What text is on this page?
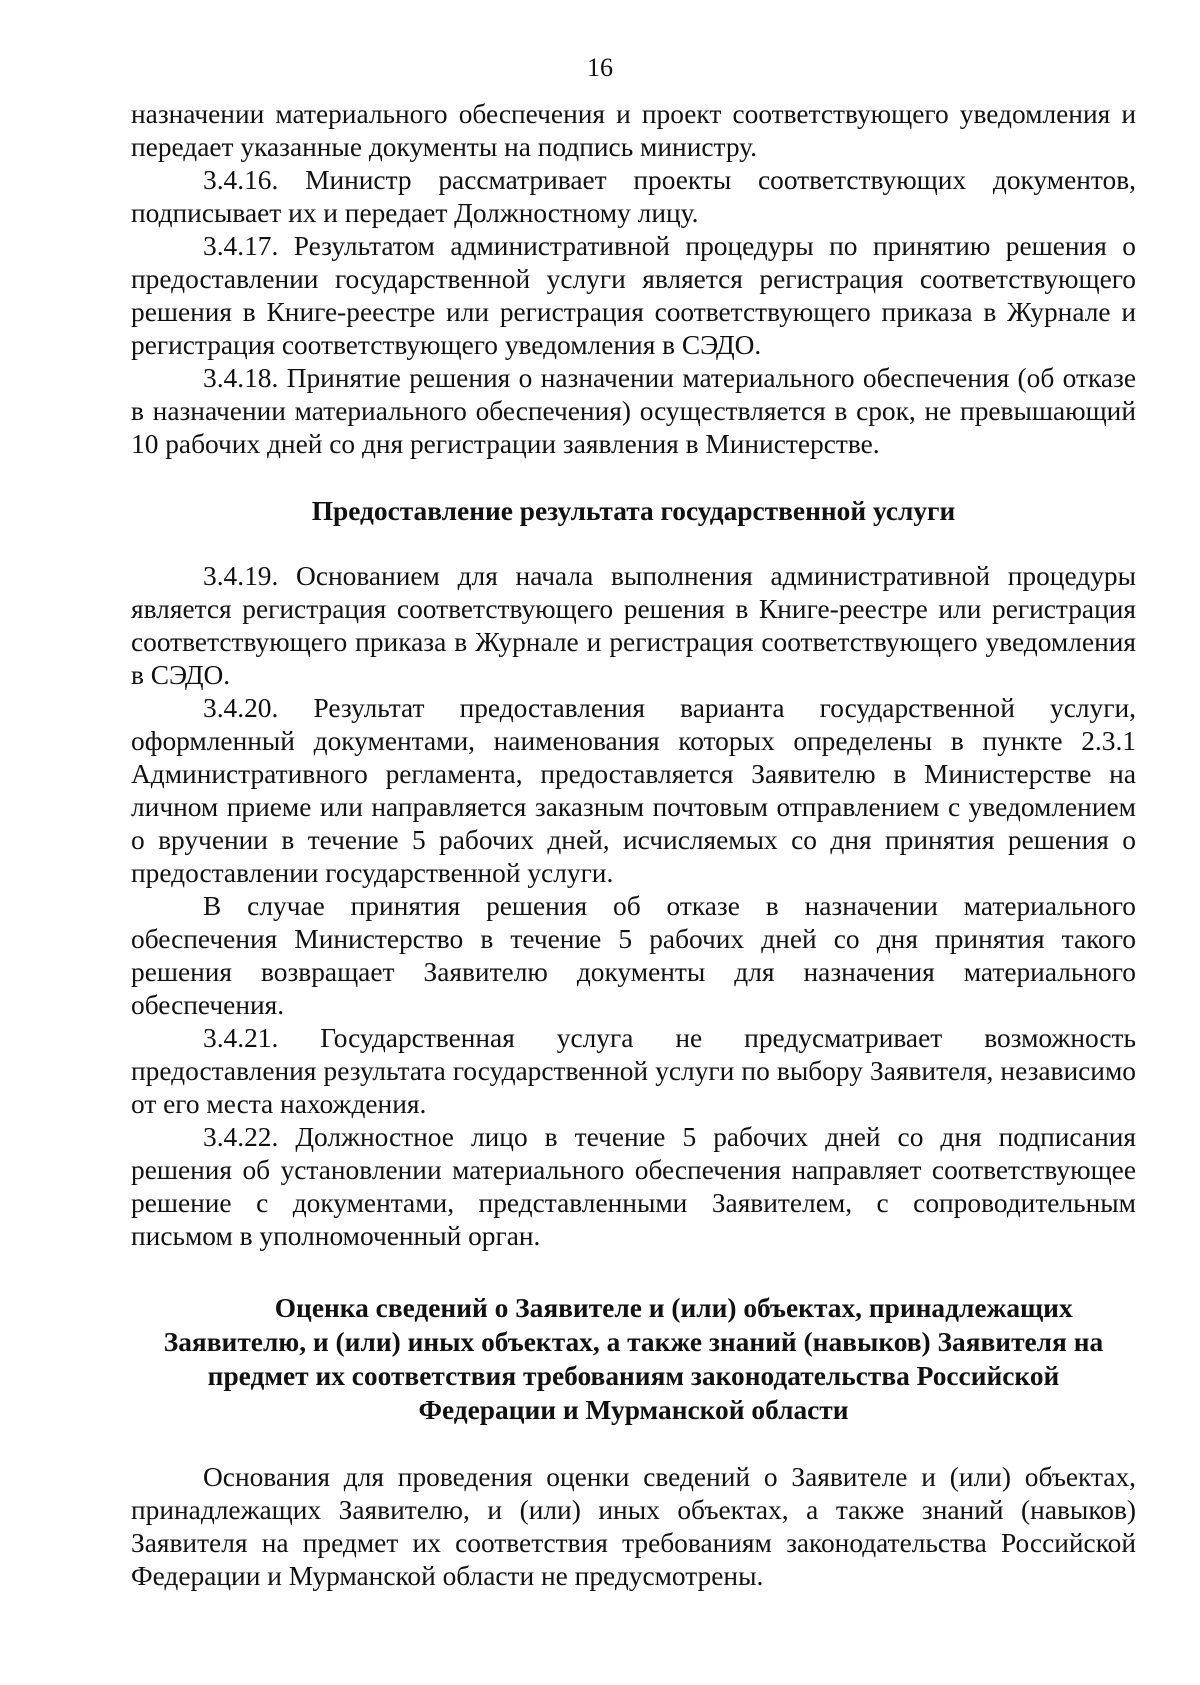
16

назначении материального обеспечения и проект соответствующего уведомления и передает указанные документы на подпись министру.

3.4.16. Министр рассматривает проекты соответствующих документов, подписывает их и передает Должностному лицу.

3.4.17. Результатом административной процедуры по принятию решения о предоставлении государственной услуги является регистрация соответствующего решения в Книге-реестре или регистрация соответствующего приказа в Журнале и регистрация соответствующего уведомления в СЭДО.

3.4.18. Принятие решения о назначении материального обеспечения (об отказе в назначении материального обеспечения) осуществляется в срок, не превышающий 10 рабочих дней со дня регистрации заявления в Министерстве.

Предоставление результата государственной услуги

3.4.19. Основанием для начала выполнения административной процедуры является регистрация соответствующего решения в Книге-реестре или регистрация соответствующего приказа в Журнале и регистрация соответствующего уведомления в СЭДО.

3.4.20. Результат предоставления варианта государственной услуги, оформленный документами, наименования которых определены в пункте 2.3.1 Административного регламента, предоставляется Заявителю в Министерстве на личном приеме или направляется заказным почтовым отправлением с уведомлением о вручении в течение 5 рабочих дней, исчисляемых со дня принятия решения о предоставлении государственной услуги.

В случае принятия решения об отказе в назначении материального обеспечения Министерство в течение 5 рабочих дней со дня принятия такого решения возвращает Заявителю документы для назначения материального обеспечения.

3.4.21. Государственная услуга не предусматривает возможность предоставления результата государственной услуги по выбору Заявителя, независимо от его места нахождения.

3.4.22. Должностное лицо в течение 5 рабочих дней со дня подписания решения об установлении материального обеспечения направляет соответствующее решение с документами, представленными Заявителем, с сопроводительным письмом в уполномоченный орган.

Оценка сведений о Заявителе и (или) объектах, принадлежащих
Заявителю, и (или) иных объектах, а также знаний (навыков) Заявителя на
предмет их соответствия требованиям законодательства Российской
Федерации и Мурманской области

Основания для проведения оценки сведений о Заявителе и (или) объектах, принадлежащих Заявителю, и (или) иных объектах, а также знаний (навыков) Заявителя на предмет их соответствия требованиям законодательства Российской Федерации и Мурманской области не предусмотрены.
